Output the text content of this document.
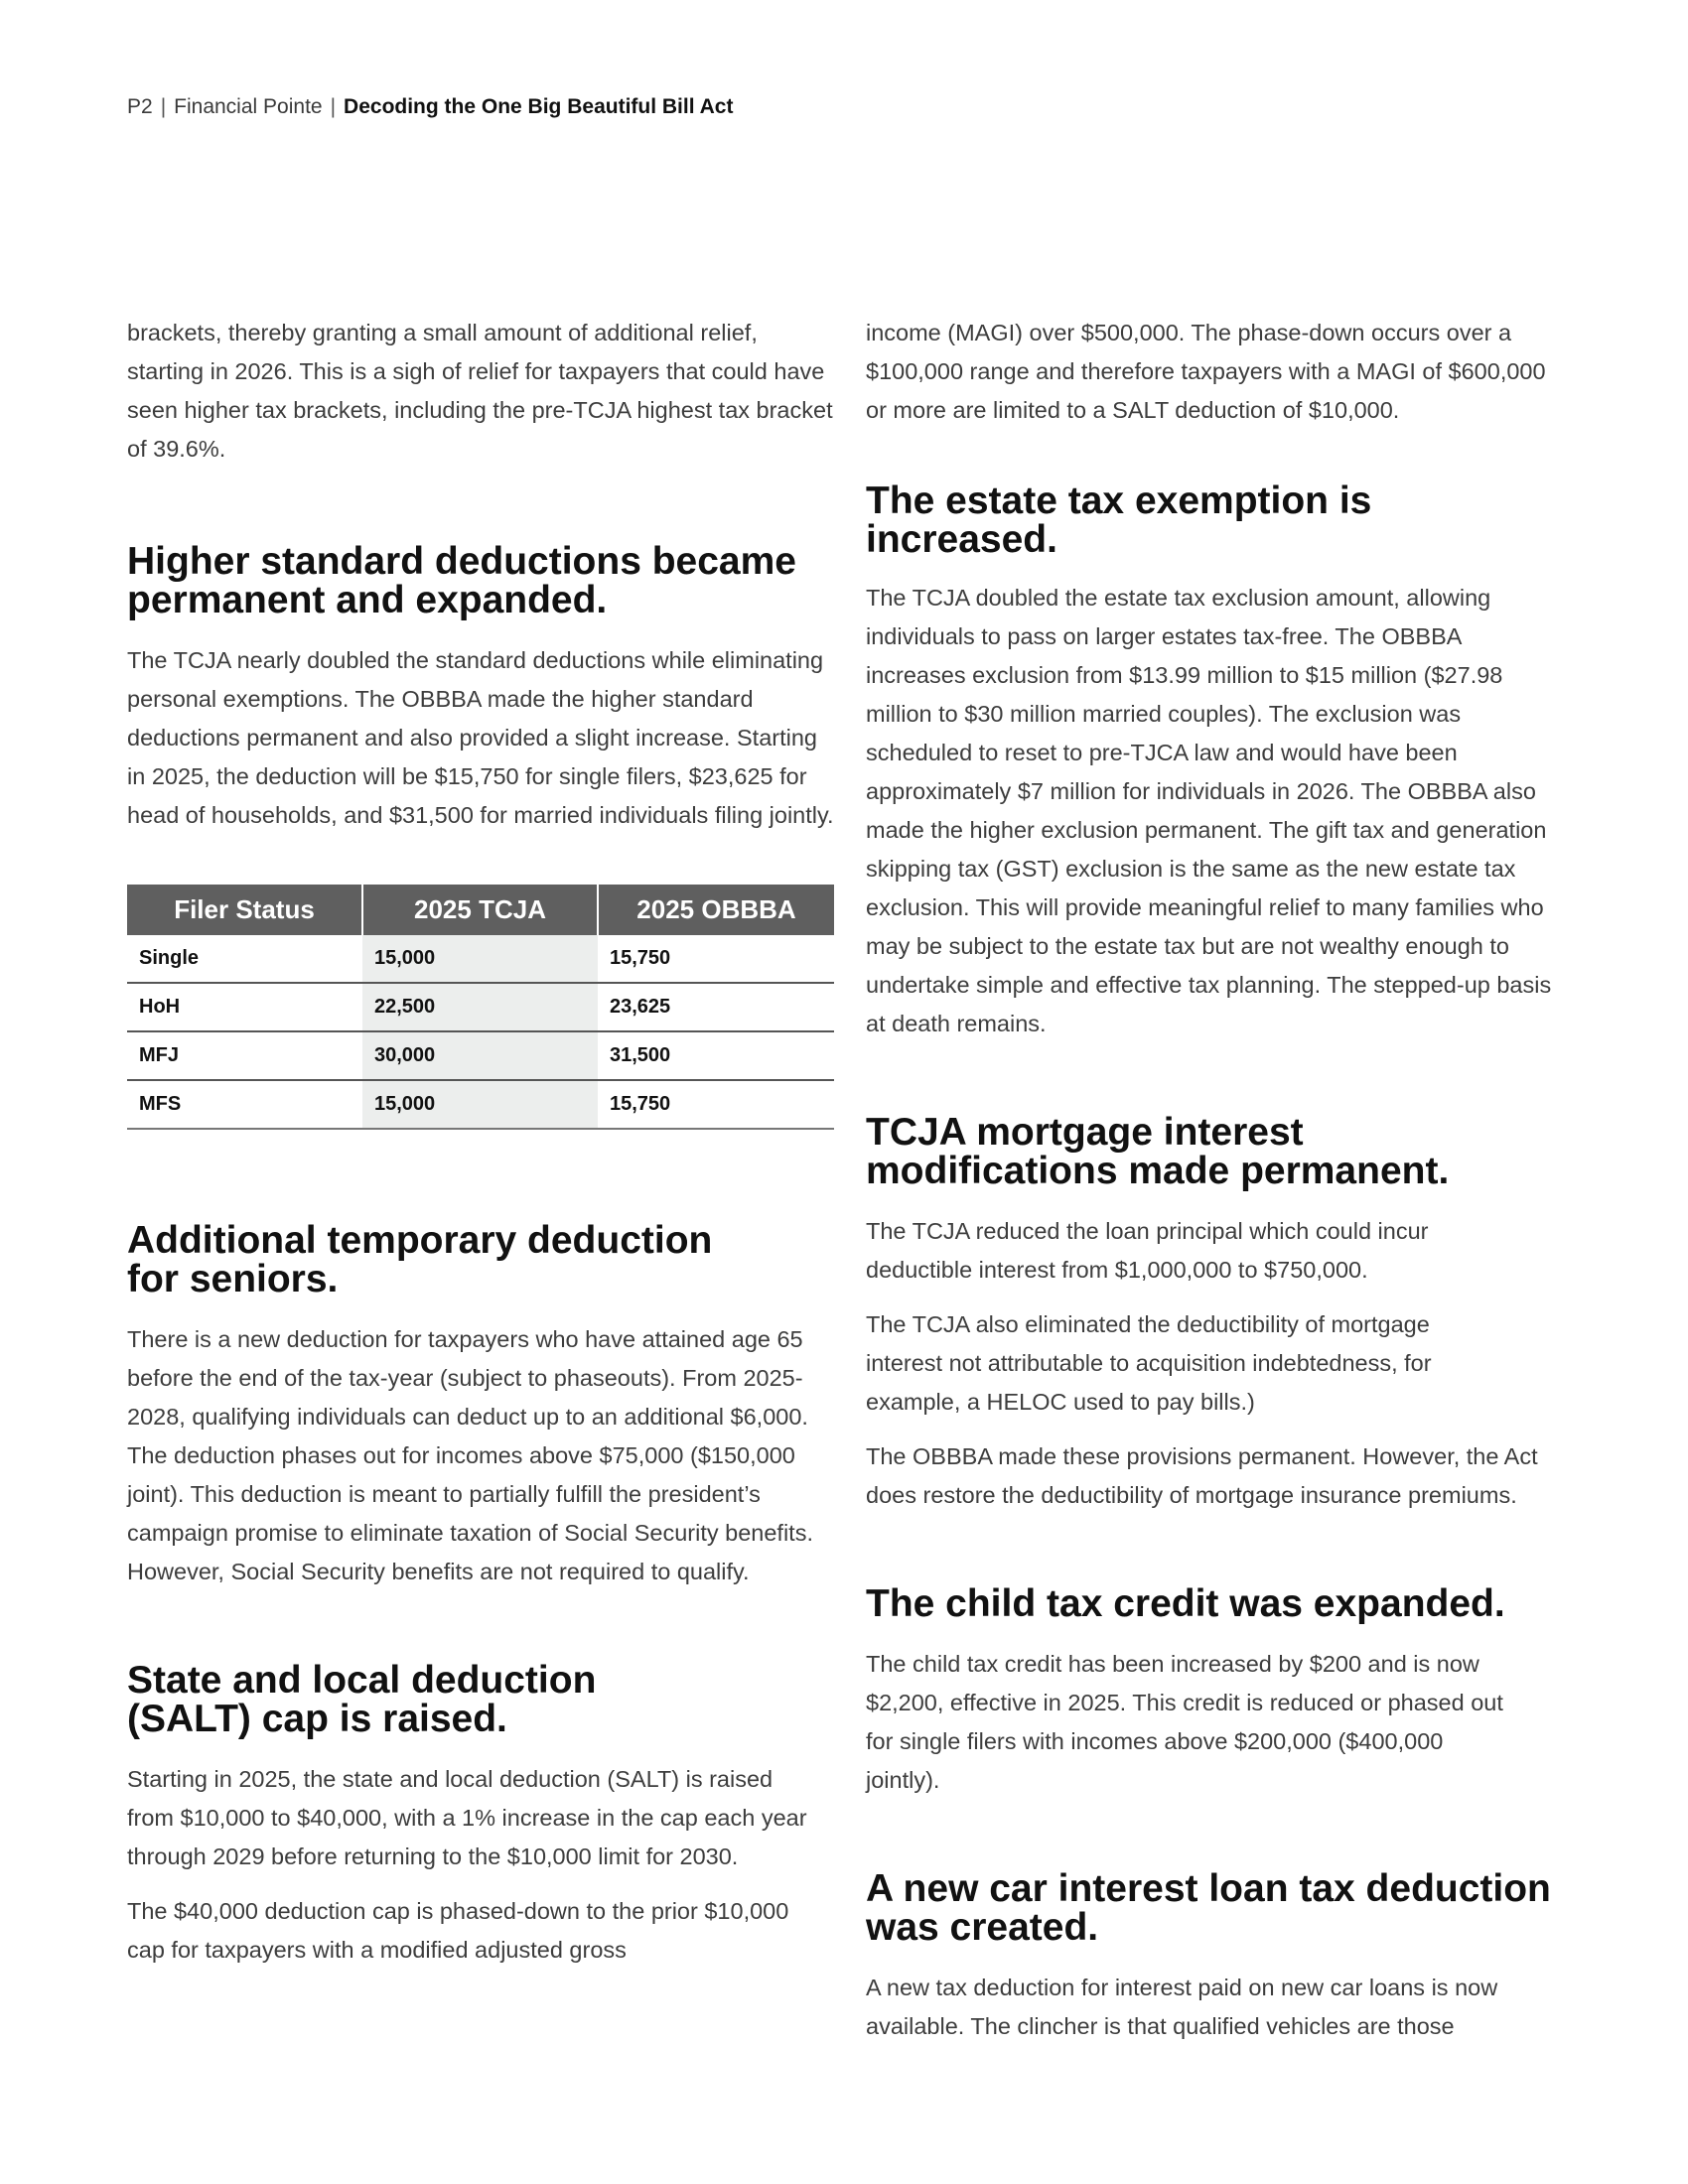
P2 | Financial Pointe | Decoding the One Big Beautiful Bill Act

brackets, thereby granting a small amount of additional relief, starting in 2026. This is a sigh of relief for taxpayers that could have seen higher tax brackets, including the pre-TCJA highest tax bracket of 39.6%.

Higher standard deductions became permanent and expanded.

The TCJA nearly doubled the standard deductions while eliminating personal exemptions. The OBBBA made the higher standard deductions permanent and also provided a slight increase. Starting in 2025, the deduction will be $15,750 for single filers, $23,625 for head of households, and $31,500 for married individuals filing jointly.

Filer Status	2025 TCJA	2025 OBBBA
Single	15,000	15,750
HoH	22,500	23,625
MFJ	30,000	31,500
MFS	15,000	15,750
Additional temporary deduction for seniors.

There is a new deduction for taxpayers who have attained age 65 before the end of the tax-year (subject to phaseouts). From 2025-2028, qualifying individuals can deduct up to an additional $6,000. The deduction phases out for incomes above $75,000 ($150,000 joint). This deduction is meant to partially fulfill the president’s campaign promise to eliminate taxation of Social Security benefits. However, Social Security benefits are not required to qualify.

State and local deduction (SALT) cap is raised.

Starting in 2025, the state and local deduction (SALT) is raised from $10,000 to $40,000, with a 1% increase in the cap each year through 2029 before returning to the $10,000 limit for 2030.

The $40,000 deduction cap is phased-down to the prior $10,000 cap for taxpayers with a modified adjusted gross

income (MAGI) over $500,000. The phase-down occurs over a $100,000 range and therefore taxpayers with a MAGI of $600,000 or more are limited to a SALT deduction of $10,000.

The estate tax exemption is increased.

The TCJA doubled the estate tax exclusion amount, allowing individuals to pass on larger estates tax-free. The OBBBA increases exclusion from $13.99 million to $15 million ($27.98 million to $30 million married couples). The exclusion was scheduled to reset to pre-TJCA law and would have been approximately $7 million for individuals in 2026. The OBBBA also made the higher exclusion permanent. The gift tax and generation skipping tax (GST) exclusion is the same as the new estate tax exclusion. This will provide meaningful relief to many families who may be subject to the estate tax but are not wealthy enough to undertake simple and effective tax planning. The stepped-up basis at death remains.

TCJA mortgage interest modifications made permanent.

The TCJA reduced the loan principal which could incur deductible interest from $1,000,000 to $750,000.

The TCJA also eliminated the deductibility of mortgage interest not attributable to acquisition indebtedness, for example, a HELOC used to pay bills.)

The OBBBA made these provisions permanent. However, the Act does restore the deductibility of mortgage insurance premiums.

The child tax credit was expanded.

The child tax credit has been increased by $200 and is now $2,200, effective in 2025. This credit is reduced or phased out for single filers with incomes above $200,000 ($400,000 jointly).

A new car interest loan tax deduction was created.

A new tax deduction for interest paid on new car loans is now available. The clincher is that qualified vehicles are those
